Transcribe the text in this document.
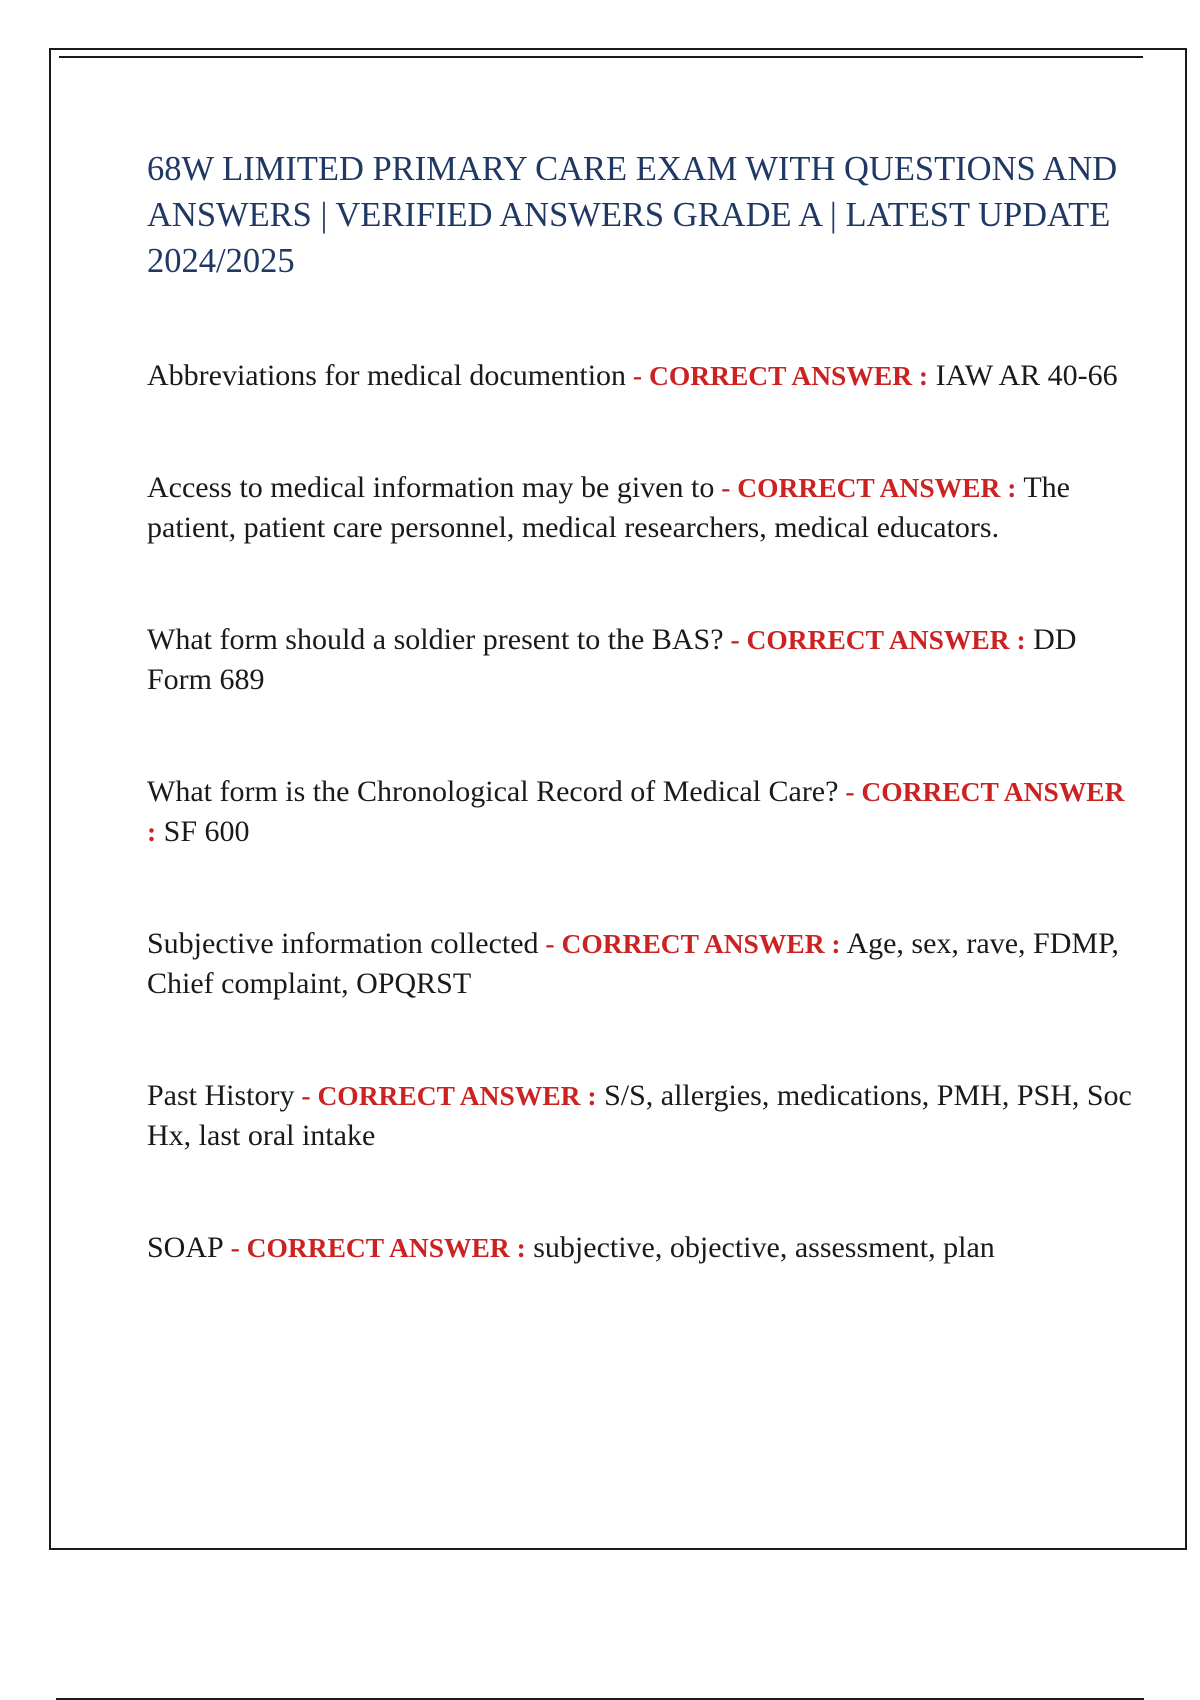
68W LIMITED PRIMARY CARE EXAM WITH QUESTIONS AND ANSWERS | VERIFIED ANSWERS GRADE A | LATEST UPDATE 2024/2025

Abbreviations for medical documention - CORRECT ANSWER : IAW AR 40-66

Access to medical information may be given to - CORRECT ANSWER : The patient, patient care personnel, medical researchers, medical educators.

What form should a soldier present to the BAS? - CORRECT ANSWER : DD Form 689

What form is the Chronological Record of Medical Care? - CORRECT ANSWER : SF 600

Subjective information collected - CORRECT ANSWER : Age, sex, rave, FDMP, Chief complaint, OPQRST

Past History - CORRECT ANSWER : S/S, allergies, medications, PMH, PSH, Soc Hx, last oral intake

SOAP - CORRECT ANSWER : subjective, objective, assessment, plan
